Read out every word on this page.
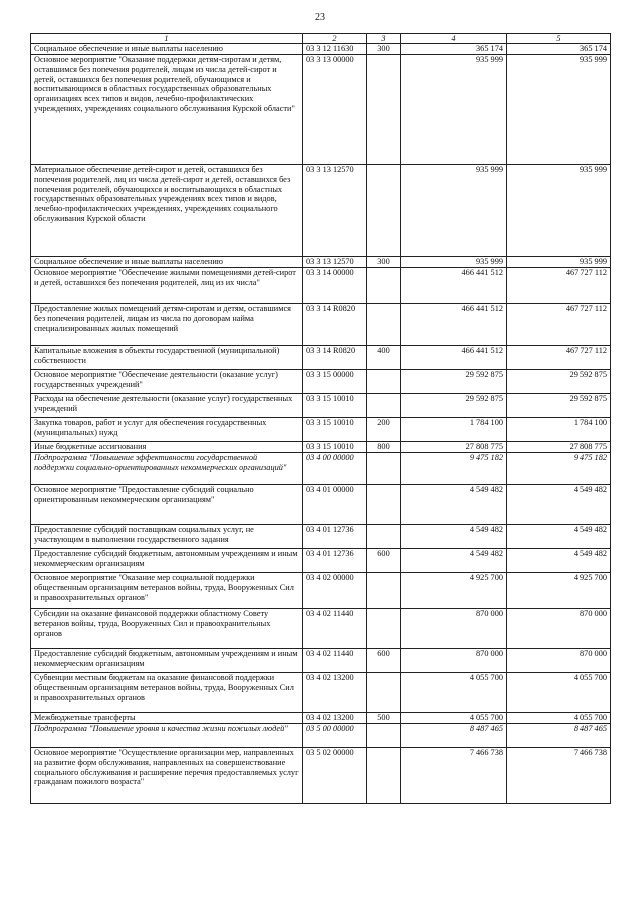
23
1	2	3	4	5
Социальное обеспечение и иные выплаты населению	03 3 12 11630	300	365 174	365 174
Основное мероприятие "Оказание поддержки детям-сиротам и детям, оставшимся без попечения родителей, лицам из числа детей-сирот и детей, оставшихся без попечения родителей, обучающимся и воспитывающимся в областных государственных образовательных организациях всех типов и видов, лечебно-профилактических учреждениях, учреждениях социального обслуживания Курской области"	03 3 13 00000		935 999	935 999
Материальное обеспечение детей-сирот и детей, оставшихся без попечения родителей, лиц из числа детей-сирот и детей, оставшихся без попечения родителей, обучающихся и воспитывающихся в областных государственных образовательных учреждениях всех типов и видов, лечебно-профилактических учреждениях, учреждениях социального обслуживания Курской области	03 3 13 12570		935 999	935 999
Социальное обеспечение и иные выплаты населению	03 3 13 12570	300	935 999	935 999
Основное мероприятие "Обеспечение жилыми помещениями детей-сирот и детей, оставшихся без попечения родителей, лиц из их числа"	03 3 14 00000		466 441 512	467 727 112
Предоставление жилых помещений детям-сиротам и детям, оставшимся без попечения родителей, лицам из числа по договорам найма специализированных жилых помещений	03 3 14 R0820		466 441 512	467 727 112
Капитальные вложения в объекты государственной (муниципальной) собственности	03 3 14 R0820	400	466 441 512	467 727 112
Основное мероприятие "Обеспечение деятельности (оказание услуг) государственных учреждений"	03 3 15 00000		29 592 875	29 592 875
Расходы на обеспечение деятельности (оказание услуг) государственных учреждений	03 3 15 10010		29 592 875	29 592 875
Закупка товаров, работ и услуг для обеспечения государственных (муниципальных) нужд	03 3 15 10010	200	1 784 100	1 784 100
Иные бюджетные ассигнования	03 3 15 10010	800	27 808 775	27 808 775
Подпрограмма "Повышение эффективности государственной поддержки социально-ориентированных некоммерческих организаций"	03 4 00 00000		9 475 182	9 475 182
Основное мероприятие "Предоставление субсидий социально ориентированным некоммерческим организациям"	03 4 01 00000		4 549 482	4 549 482
Предоставление субсидий поставщикам социальных услуг, не участвующим в выполнении государственного задания	03 4 01 12736		4 549 482	4 549 482
Предоставление субсидий бюджетным, автономным учреждениям и иным некоммерческим организациям	03 4 01 12736	600	4 549 482	4 549 482
Основное мероприятие "Оказание мер социальной поддержки общественным организациям ветеранов войны, труда, Вооруженных Сил и правоохранительных органов"	03 4 02 00000		4 925 700	4 925 700
Субсидии на оказание финансовой поддержки областному Совету ветеранов войны, труда, Вооруженных Сил и правоохранительных органов	03 4 02 11440		870 000	870 000
Предоставление субсидий бюджетным, автономным учреждениям и иным некоммерческим организациям	03 4 02 11440	600	870 000	870 000
Субвенции местным бюджетам на оказание финансовой поддержки общественным организациям ветеранов войны, труда, Вооруженных Сил и правоохранительных органов	03 4 02 13200		4 055 700	4 055 700
Межбюджетные трансферты	03 4 02 13200	500	4 055 700	4 055 700
Подпрограмма "Повышение уровня и качества жизни пожилых людей"	03 5 00 00000		8 487 465	8 487 465
Основное мероприятие "Осуществление организации мер, направленных на развитие форм обслуживания, направленных на совершенствование социального обслуживания и расширение перечня предоставляемых услуг гражданам пожилого возраста"	03 5 02 00000		7 466 738	7 466 738
